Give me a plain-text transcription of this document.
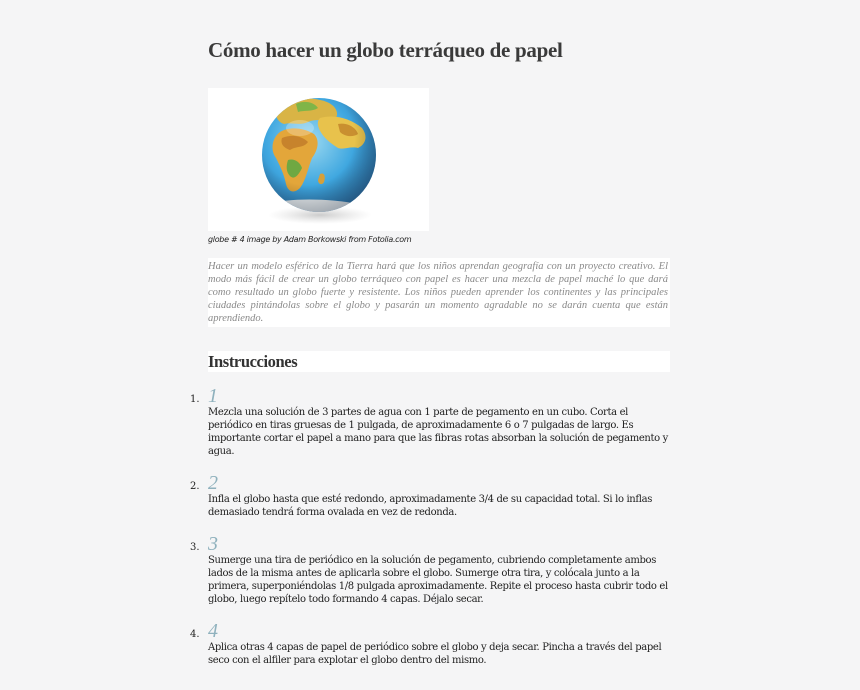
Cómo hacer un globo terráqueo de papel
globe # 4 image by Adam Borkowski from Fotolia.com

Hacer un modelo esférico de la Tierra hará que los niños aprendan geografía con un proyecto creativo. El modo más fácil de crear un globo terráqueo con papel es hacer una mezcla de papel maché lo que dará como resultado un globo fuerte y resistente. Los niños pueden aprender los continentes y las principales ciudades pintándolas sobre el globo y pasarán un momento agradable no se darán cuenta que están aprendiendo.

Instrucciones
1. 1
Mezcla una solución de 3 partes de agua con 1 parte de pegamento en un cubo. Corta el periódico en tiras gruesas de 1 pulgada, de aproximadamente 6 o 7 pulgadas de largo. Es importante cortar el papel a mano para que las fibras rotas absorban la solución de pegamento y agua.
2. 2
Infla el globo hasta que esté redondo, aproximadamente 3/4 de su capacidad total. Si lo inflas demasiado tendrá forma ovalada en vez de redonda.
3. 3
Sumerge una tira de periódico en la solución de pegamento, cubriendo completamente ambos lados de la misma antes de aplicarla sobre el globo. Sumerge otra tira, y colócala junto a la primera, superponiéndolas 1/8 pulgada aproximadamente. Repite el proceso hasta cubrir todo el globo, luego repítelo todo formando 4 capas. Déjalo secar.
4. 4
Aplica otras 4 capas de papel de periódico sobre el globo y deja secar. Pincha a través del papel seco con el alfiler para explotar el globo dentro del mismo.
